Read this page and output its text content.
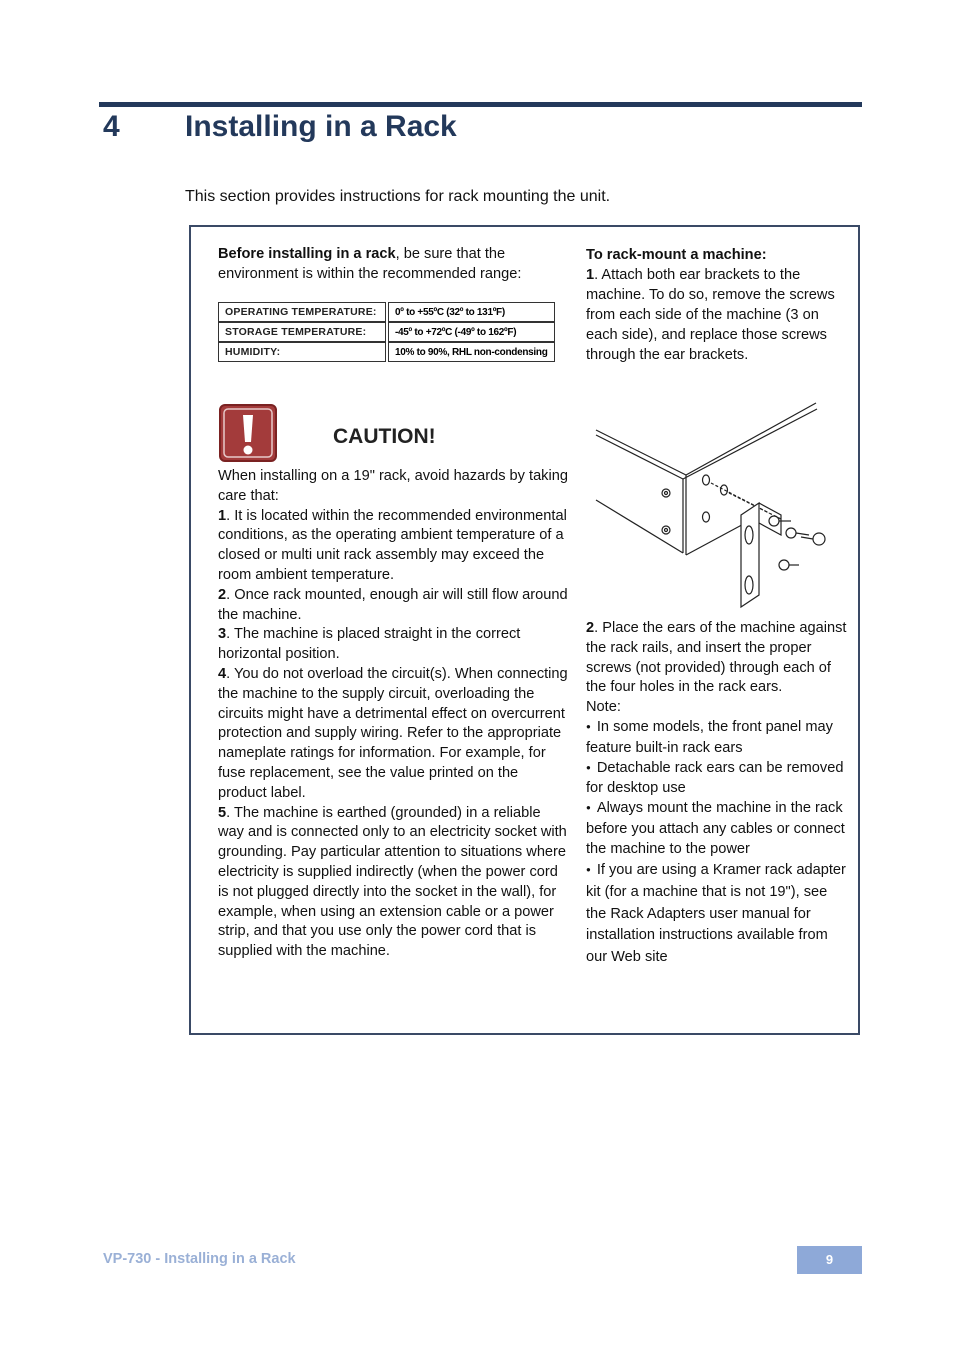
4 Installing in a Rack
This section provides instructions for rack mounting the unit.

Before installing in a rack, be sure that the environment is within the recommended range:

OPERATING TEMPERATURE:		0º to +55ºC (32º to 131ºF)
STORAGE TEMPERATURE:		-45º to +72ºC (-49º to 162ºF)
HUMIDITY:		10% to 90%, RHL non-condensing
CAUTION!

When installing on a 19" rack, avoid hazards by taking care that:

1. It is located within the recommended environmental conditions, as the operating ambient temperature of a closed or multi unit rack assembly may exceed the room ambient temperature.

2. Once rack mounted, enough air will still flow around the machine.

3. The machine is placed straight in the correct horizontal position.

4. You do not overload the circuit(s). When connecting the machine to the supply circuit, overloading the circuits might have a detrimental effect on overcurrent protection and supply wiring. Refer to the appropriate nameplate ratings for information. For example, for fuse replacement, see the value printed on the product label.

5. The machine is earthed (grounded) in a reliable way and is connected only to an electricity socket with grounding. Pay particular attention to situations where electricity is supplied indirectly (when the power cord is not plugged directly into the socket in the wall), for example, when using an extension cable or a power strip, and that you use only the power cord that is supplied with the machine.

To rack-mount a machine:

1. Attach both ear brackets to the machine. To do so, remove the screws from each side of the machine (3 on each side), and replace those screws through the ear brackets.

2. Place the ears of the machine against the rack rails, and insert the proper screws (not provided) through each of the four holes in the rack ears.

Note:

● In some models, the front panel may feature built-in rack ears

● Detachable rack ears can be removed for desktop use

● Always mount the machine in the rack before you attach any cables or connect the machine to the power

● If you are using a Kramer rack adapter kit (for a machine that is not 19"), see the Rack Adapters user manual for installation instructions available from our Web site

VP-730 - Installing in a Rack	9
